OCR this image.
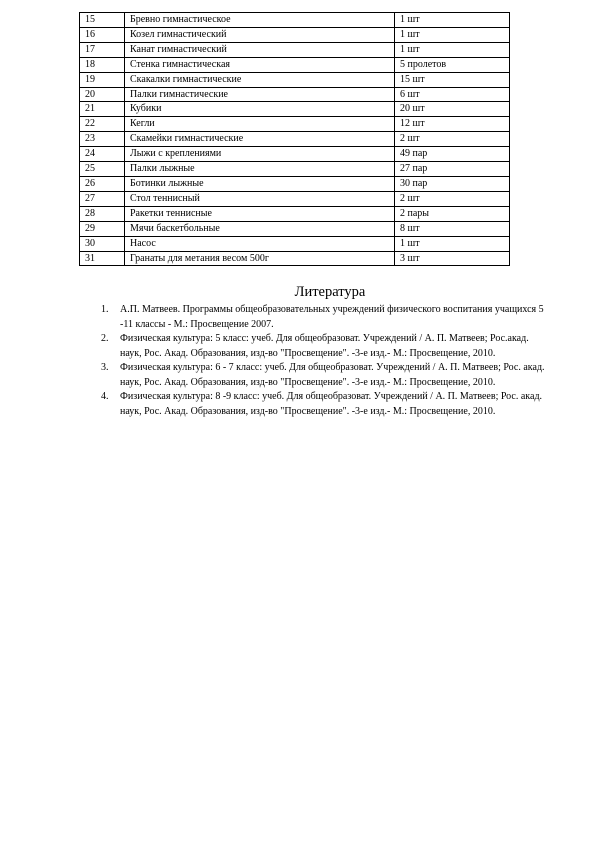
15	Бревно гимнастическое	1 шт
16	Козел гимнастический	1 шт
17	Канат гимнастический	1 шт
18	Стенка гимнастическая	5 пролетов
19	Скакалки гимнастические	15 шт
20	Палки гимнастические	6 шт
21	Кубики	20 шт
22	Кегли	12 шт
23	Скамейки гимнастические	2 шт
24	Лыжи с креплениями	49 пар
25	Палки лыжные	27 пар
26	Ботинки лыжные	30 пар
27	Стол теннисный	2 шт
28	Ракетки теннисные	2 пары
29	Мячи баскетбольные	8 шт
30	Насос	1 шт
31	Гранаты для метания весом 500г	3 шт
Литература
1. А.П. Матвеев. Программы общеобразовательных учреждений физического воспитания учащихся 5 -11 классы - М.: Просвещение 2007.
2. Физическая культура: 5 класс: учеб. Для общеобразоват. Учреждений / А. П. Матвеев; Рос.акад. наук, Рос. Акад. Образования, изд-во "Просвещение". -3-е изд.- М.: Просвещение, 2010.
3. Физическая культура: 6 - 7 класс: учеб. Для общеобразоват. Учреждений / А. П. Матвеев; Рос. акад. наук, Рос. Акад. Образования, изд-во "Просвещение". -3-е изд.- М.: Просвещение, 2010.
4. Физическая культура: 8 -9 класс: учеб. Для общеобразоват. Учреждений / А. П. Матвеев; Рос. акад. наук, Рос. Акад. Образования, изд-во "Просвещение". -3-е изд.- М.: Просвещение, 2010.
